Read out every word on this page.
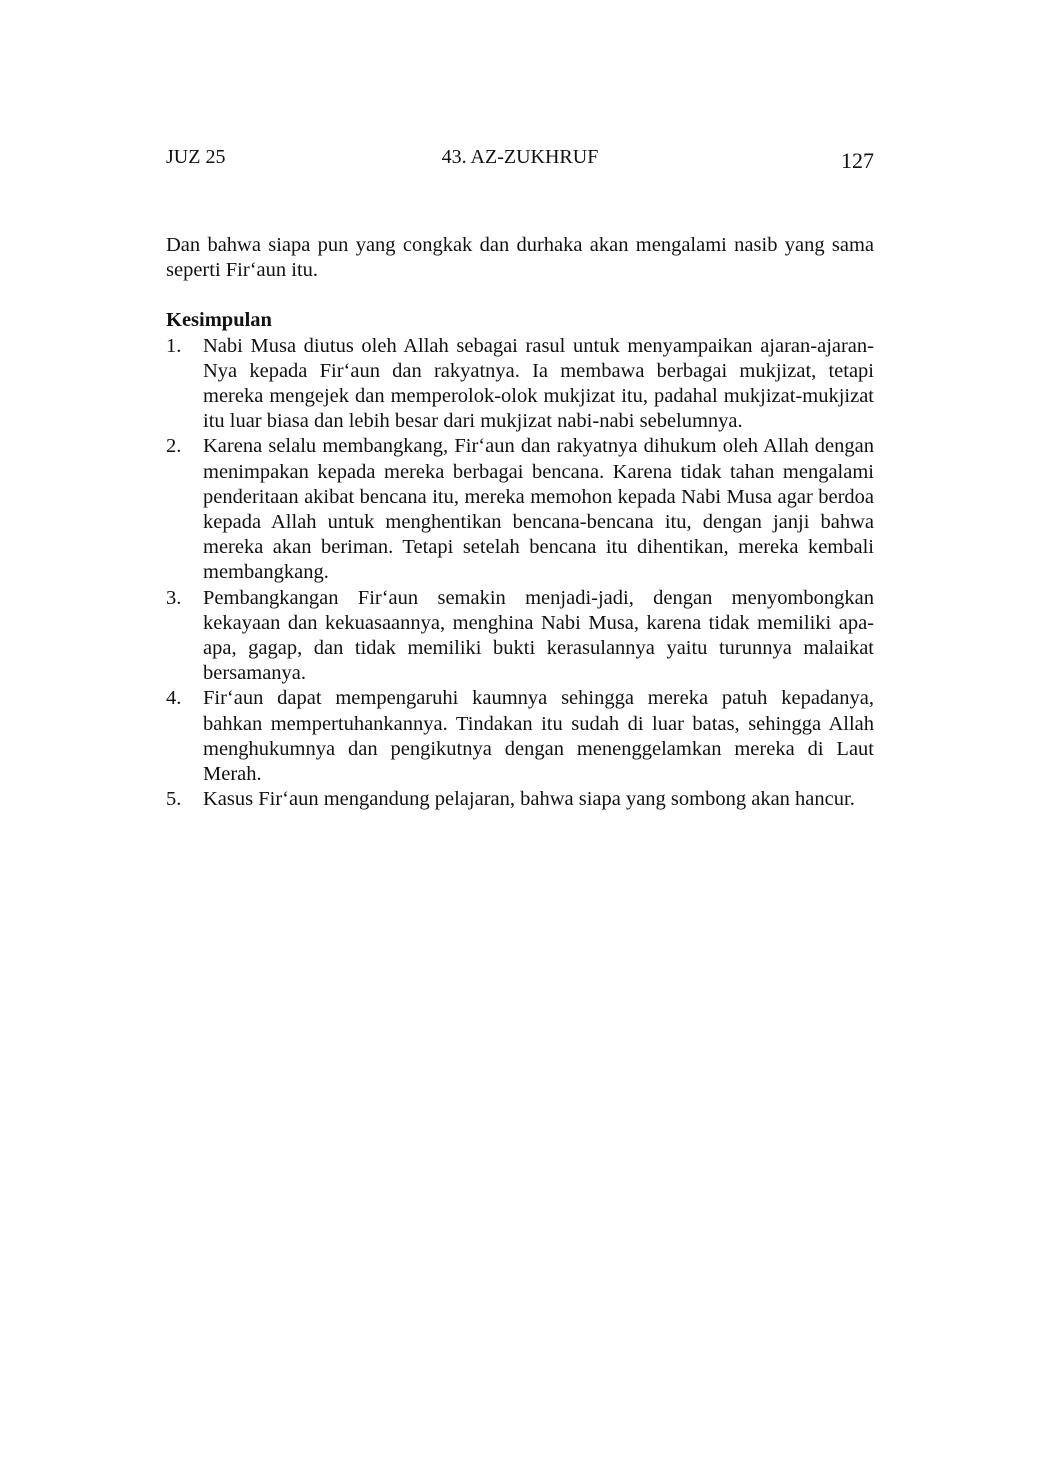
JUZ 25	43. AZ-ZUKHRUF	127

Dan bahwa siapa pun yang congkak dan durhaka akan mengalami nasib yang sama seperti Fir‘aun itu.

Kesimpulan
1. Nabi Musa diutus oleh Allah sebagai rasul untuk menyampaikan ajaran-ajaran-Nya kepada Fir‘aun dan rakyatnya. Ia membawa berbagai mukjizat, tetapi mereka mengejek dan memperolok-olok mukjizat itu, padahal mukjizat-mukjizat itu luar biasa dan lebih besar dari mukjizat nabi-nabi sebelumnya.
2. Karena selalu membangkang, Fir‘aun dan rakyatnya dihukum oleh Allah dengan menimpakan kepada mereka berbagai bencana. Karena tidak tahan mengalami penderitaan akibat bencana itu, mereka memohon kepada Nabi Musa agar berdoa kepada Allah untuk menghentikan bencana-bencana itu, dengan janji bahwa mereka akan beriman. Tetapi setelah bencana itu dihentikan, mereka kembali membangkang.
3. Pembangkangan Fir‘aun semakin menjadi-jadi, dengan menyombongkan kekayaan dan kekuasaannya, menghina Nabi Musa, karena tidak memiliki apa-apa, gagap, dan tidak memiliki bukti kerasulannya yaitu turunnya malaikat bersamanya.
4. Fir‘aun dapat mempengaruhi kaumnya sehingga mereka patuh kepadanya, bahkan mempertuhankannya. Tindakan itu sudah di luar batas, sehingga Allah menghukumnya dan pengikutnya dengan menenggelamkan mereka di Laut Merah.
5. Kasus Fir‘aun mengandung pelajaran, bahwa siapa yang sombong akan hancur.
